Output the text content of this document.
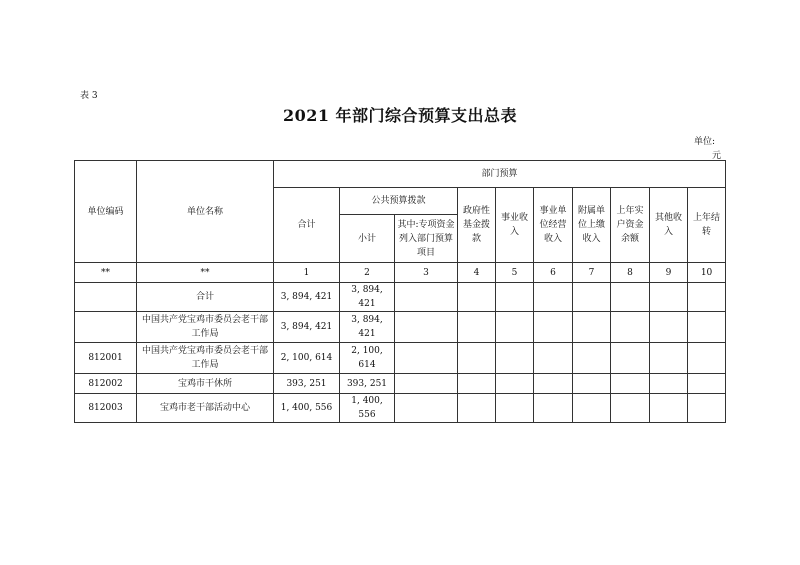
表 3
2021 年部门综合预算支出总表
单位:
元
单位编码	单位名称	部门预算									
		合计	公共预算拨款		政府性基金拨款	事业收入	事业单位经营收入	附属单位上缴收入	上年实户资金余额	其他收入	上年结转
			小计	其中:专项资金列入部门预算项目							
**	**	1	2	3	4	5	6	7	8	9	10
	合计	3, 894, 421	3, 894, 421								
	中国共产党宝鸡市委员会老干部工作局	3, 894, 421	3, 894, 421								
812001	中国共产党宝鸡市委员会老干部工作局	2, 100, 614	2, 100, 614								
812002	宝鸡市干休所	393, 251	393, 251								
812003	宝鸡市老干部活动中心	1, 400, 556	1, 400, 556								
